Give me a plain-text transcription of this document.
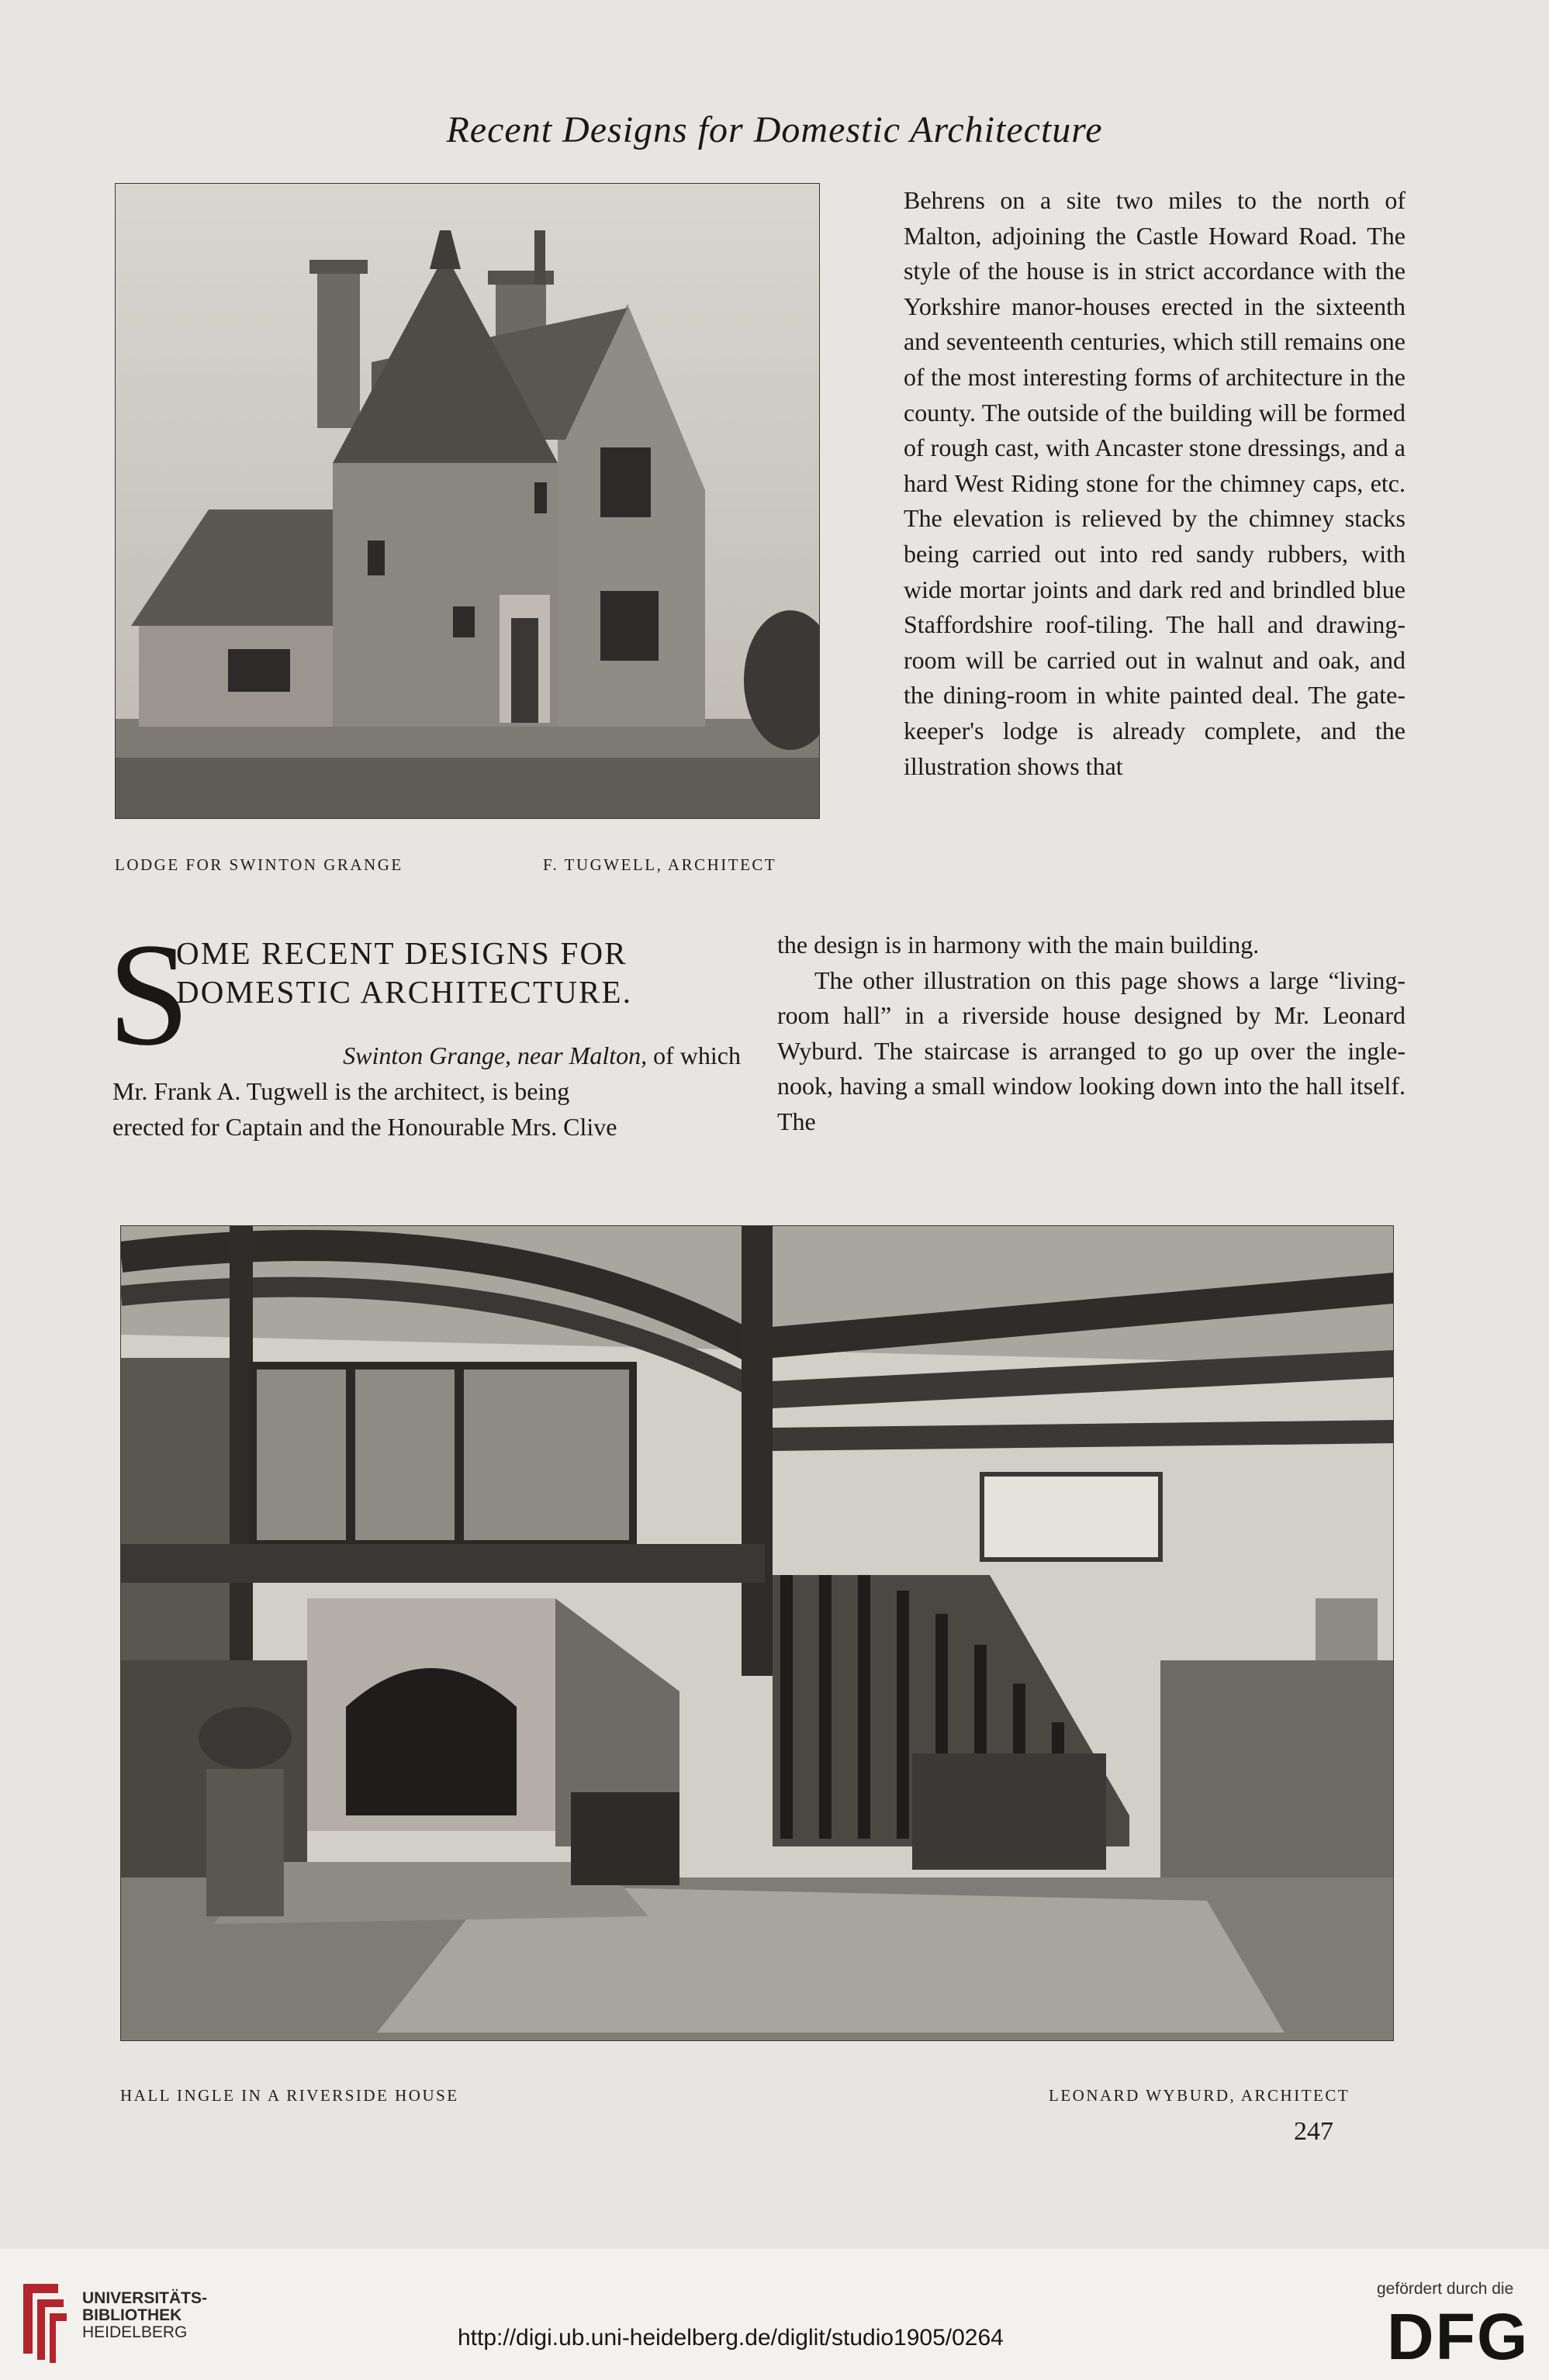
Recent Designs for Domestic Architecture
LODGE FOR SWINTON GRANGE	F. TUGWELL, ARCHITECT

Behrens on a site two miles to the north of Malton, adjoining the Castle Howard Road. The style of the house is in strict accordance with the Yorkshire manor-houses erected in the sixteenth and seventeenth centuries, which still remains one of the most interesting forms of architecture in the county. The outside of the building will be formed of rough cast, with Ancaster stone dressings, and a hard West Riding stone for the chimney caps, etc. The elevation is relieved by the chimney stacks being carried out into red sandy rubbers, with wide mortar joints and dark red and brindled blue Staffordshire roof-tiling. The hall and drawing-room will be carried out in walnut and oak, and the dining-room in white painted deal. The gate-keeper's lodge is already complete, and the illustration shows that

S
OME RECENT DESIGNS FOR
DOMESTIC ARCHITECTURE.
Swinton Grange, near Malton, of which
Mr. Frank A. Tugwell is the architect, is being
erected for Captain and the Honourable Mrs. Clive

the design is in harmony with the main building.

The other illustration on this page shows a large “living-room hall” in a riverside house designed by Mr. Leonard Wyburd. The staircase is arranged to go up over the ingle-nook, having a small window looking down into the hall itself. The

HALL INGLE IN A RIVERSIDE HOUSE	LEONARD WYBURD, ARCHITECT
247
UNIVERSITÄTS-
BIBLIOTHEK
HEIDELBERG	http://digi.ub.uni-heidelberg.de/diglit/studio1905/0264
gefördert durch die
DFG
